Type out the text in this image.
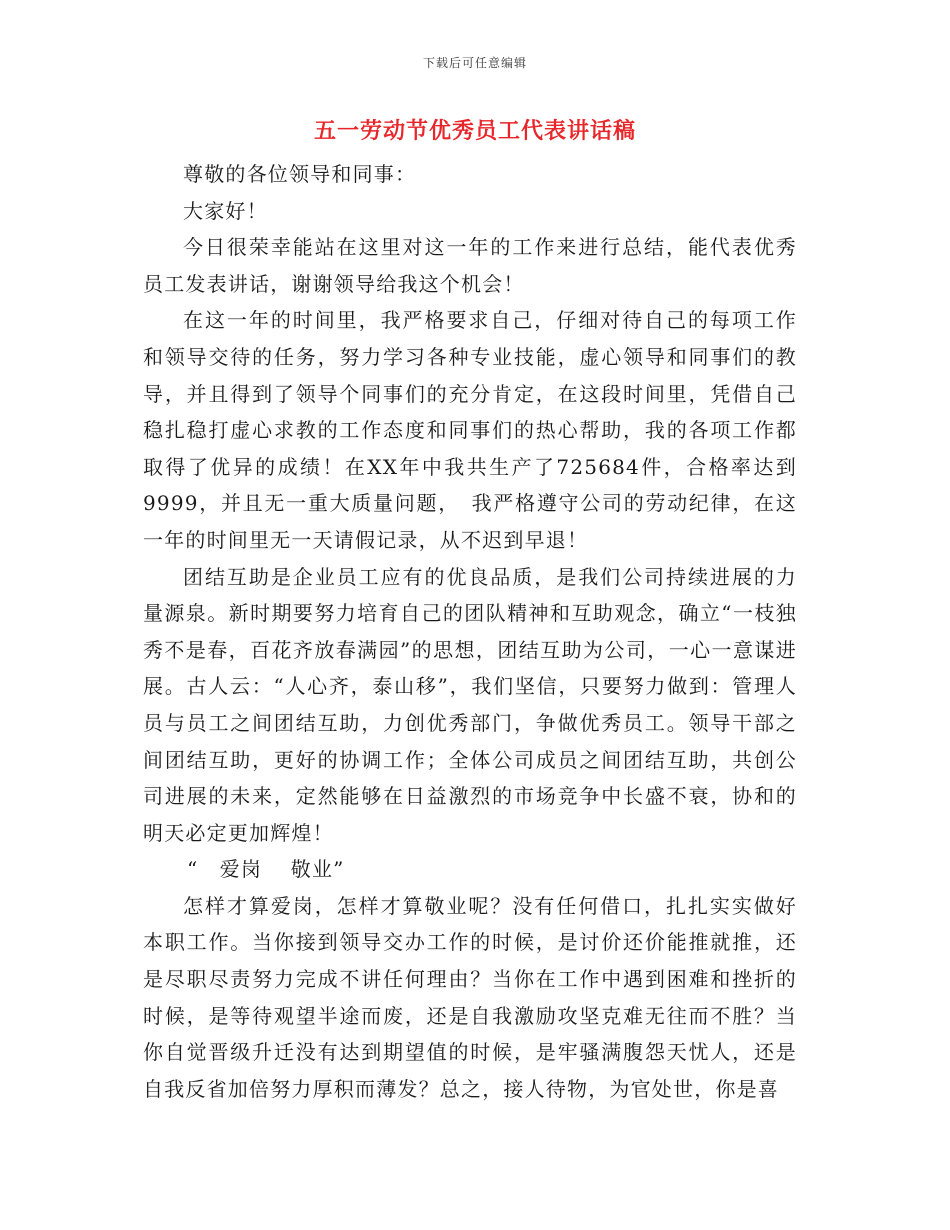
下载后可任意编辑
五一劳动节优秀员工代表讲话稿

尊敬的各位领导和同事：

大家好！

今日很荣幸能站在这里对这一年的工作来进行总结，能代表优秀员工发表讲话，谢谢领导给我这个机会！

在这一年的时间里，我严格要求自己，仔细对待自己的每项工作和领导交待的任务，努力学习各种专业技能，虚心领导和同事们的教导，并且得到了领导个同事们的充分肯定，在这段时间里，凭借自己稳扎稳打虚心求教的工作态度和同事们的热心帮助，我的各项工作都取得了优异的成绩！在XX年中我共生产了725684件，合格率达到9999，并且无一重大质量问题，　我严格遵守公司的劳动纪律，在这一年的时间里无一天请假记录，从不迟到早退！

团结互助是企业员工应有的优良品质，是我们公司持续进展的力量源泉。新时期要努力培育自己的团队精神和互助观念，确立“一枝独秀不是春，百花齐放春满园”的思想，团结互助为公司，一心一意谋进展。古人云：“人心齐，泰山移”，我们坚信，只要努力做到：管理人员与员工之间团结互助，力创优秀部门，争做优秀员工。领导干部之间团结互助，更好的协调工作；全体公司成员之间团结互助，共创公司进展的未来，定然能够在日益激烈的市场竞争中长盛不衰，协和的明天必定更加辉煌！

“　爱岗　 敬业”

怎样才算爱岗，怎样才算敬业呢？没有任何借口，扎扎实实做好本职工作。当你接到领导交办工作的时候，是讨价还价能推就推，还是尽职尽责努力完成不讲任何理由？当你在工作中遇到困难和挫折的时候，是等待观望半途而废，还是自我激励攻坚克难无往而不胜？当你自觉晋级升迁没有达到期望值的时候，是牢骚满腹怨天忧人，还是自我反省加倍努力厚积而薄发？总之，接人待物，为官处世，你是喜
